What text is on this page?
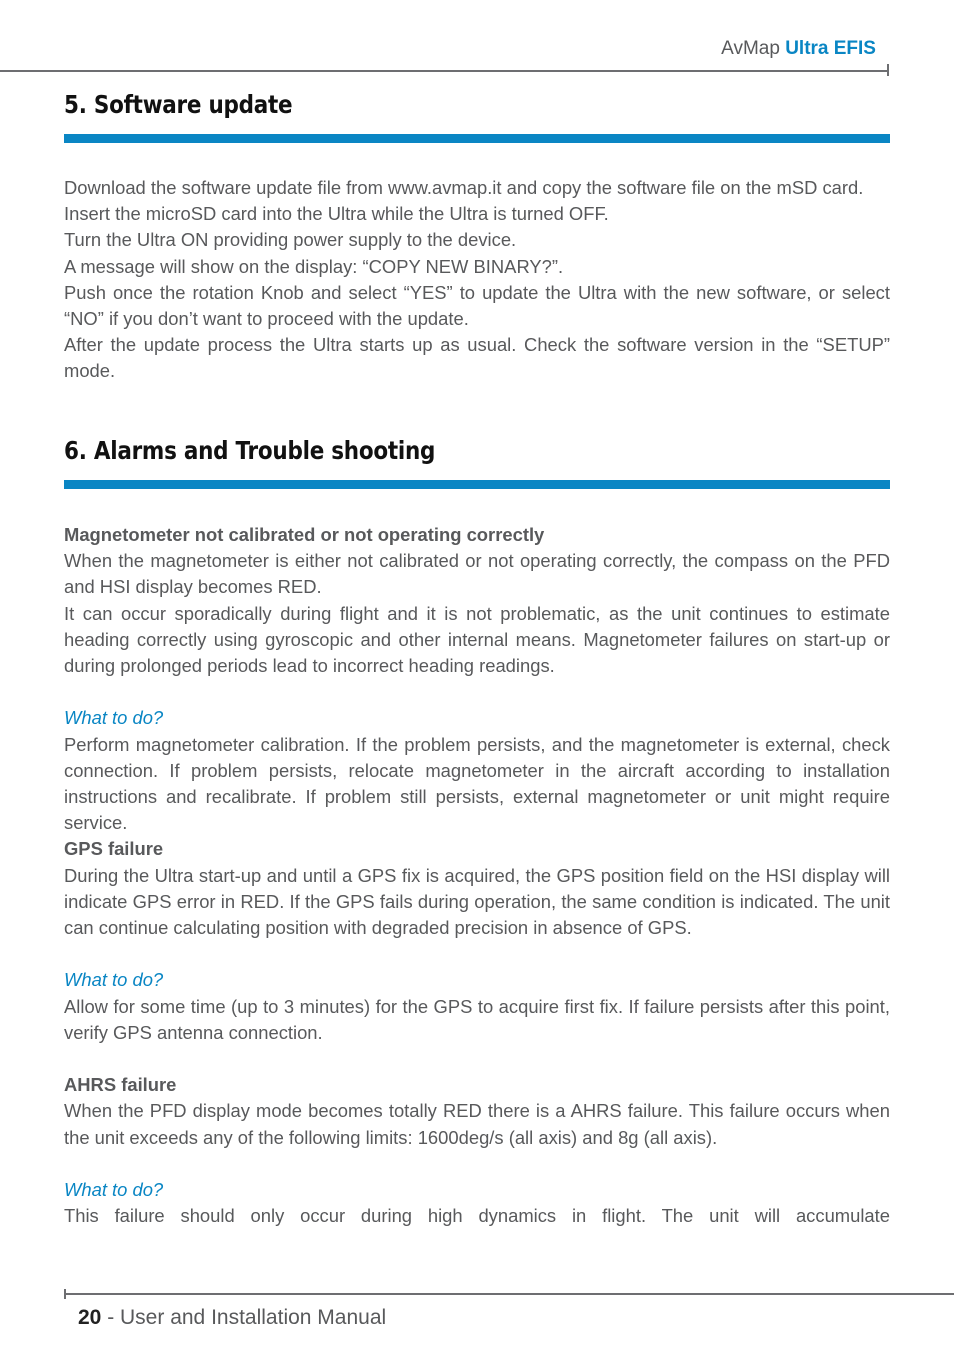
AvMap Ultra EFIS
5. Software update

Download the software update file from www.avmap.it and copy the software file on the mSD card.

Insert the microSD card into the Ultra while the Ultra is turned OFF.

Turn the Ultra ON providing power supply to the device.

A message will show on the display: “COPY NEW BINARY?”.

Push once the rotation Knob and select “YES” to update the Ultra with the new software, or select “NO” if you don’t want to proceed with the update.

After the update process the Ultra starts up as usual. Check the software version in the “SETUP” mode.

6. Alarms and Trouble shooting

Magnetometer not calibrated or not operating correctly

When the magnetometer is either not calibrated or not operating correctly, the compass on the PFD and HSI display becomes RED.

It can occur sporadically during flight and it is not problematic, as the unit continues to estimate heading correctly using gyroscopic and other internal means. Magnetometer failures on start-up or during prolonged periods lead to incorrect heading readings.

What to do?

Perform magnetometer calibration. If the problem persists, and the magnetometer is external, check connection. If problem persists, relocate magnetometer in the aircraft according to installation instructions and recalibrate. If problem still persists, external magnetometer or unit might require service.

GPS failure

During the Ultra start-up and until a GPS fix is acquired, the GPS position field on the HSI display will indicate GPS error in RED. If the GPS fails during operation, the same condition is indicated. The unit can continue calculating position with degraded precision in absence of GPS.

What to do?

Allow for some time (up to 3 minutes) for the GPS to acquire first fix. If failure persists after this point, verify GPS antenna connection.

AHRS failure

When the PFD display mode becomes totally RED there is a AHRS failure. This failure occurs when the unit exceeds any of the following limits: 1600deg/s (all axis) and 8g (all axis).

What to do?

This failure should only occur during high dynamics in flight. The unit will accumulate

20 - User and Installation Manual
